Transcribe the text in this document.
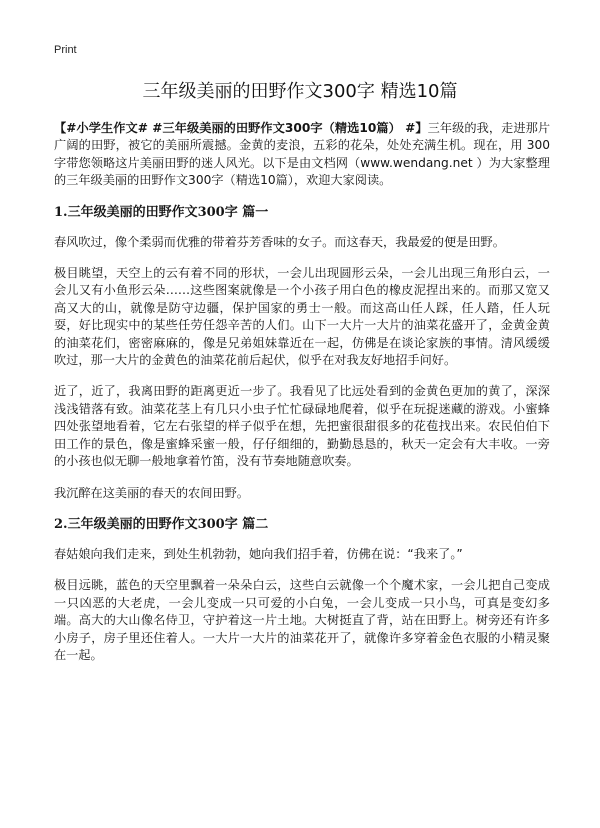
Print
三年级美丽的田野作文300字 精选10篇

【#小学生作文# #三年级美丽的田野作文300字（精选10篇） #】三年级的我，走进那片广阔的田野，被它的美丽所震撼。金黄的麦浪，五彩的花朵，处处充满生机。现在，用 300 字带您领略这片美丽田野的迷人风光。以下是由文档网（www.wendang.net ）为大家整理的三年级美丽的田野作文300字（精选10篇），欢迎大家阅读。

1.三年级美丽的田野作文300字 篇一

春风吹过，像个柔弱而优雅的带着芬芳香味的女子。而这春天，我最爱的便是田野。

极目眺望，天空上的云有着不同的形状，一会儿出现圆形云朵，一会儿出现三角形白云，一会儿又有小鱼形云朵……这些图案就像是一个小孩子用白色的橡皮泥捏出来的。而那又宽又高又大的山，就像是防守边疆，保护国家的勇士一般。而这高山任人踩，任人踏，任人玩耍，好比现实中的某些任劳任怨辛苦的人们。山下一大片一大片的油菜花盛开了，金黄金黄的油菜花们，密密麻麻的，像是兄弟姐妹靠近在一起，仿佛是在谈论家族的事情。清风缓缓吹过，那一大片的金黄色的油菜花前后起伏，似乎在对我友好地招手问好。

近了，近了，我离田野的距离更近一步了。我看见了比远处看到的金黄色更加的黄了，深深浅浅错落有致。油菜花茎上有几只小虫子忙忙碌碌地爬着，似乎在玩捉迷藏的游戏。小蜜蜂四处张望地看着，它左右张望的样子似乎在想，先把蜜很甜很多的花苞找出来。农民伯伯下田工作的景色，像是蜜蜂采蜜一般，仔仔细细的，勤勤恳恳的，秋天一定会有大丰收。一旁的小孩也似无聊一般地拿着竹笛，没有节奏地随意吹奏。

我沉醉在这美丽的春天的农间田野。

2.三年级美丽的田野作文300字 篇二

春姑娘向我们走来，到处生机勃勃，她向我们招手着，仿佛在说：“我来了。”

极目远眺，蓝色的天空里飘着一朵朵白云，这些白云就像一个个魔术家，一会儿把自己变成一只凶恶的大老虎，一会儿变成一只可爱的小白兔，一会儿变成一只小鸟，可真是变幻多端。高大的大山像名侍卫，守护着这一片土地。大树挺直了背，站在田野上。树旁还有许多小房子，房子里还住着人。一大片一大片的油菜花开了，就像许多穿着金色衣服的小精灵聚在一起。
